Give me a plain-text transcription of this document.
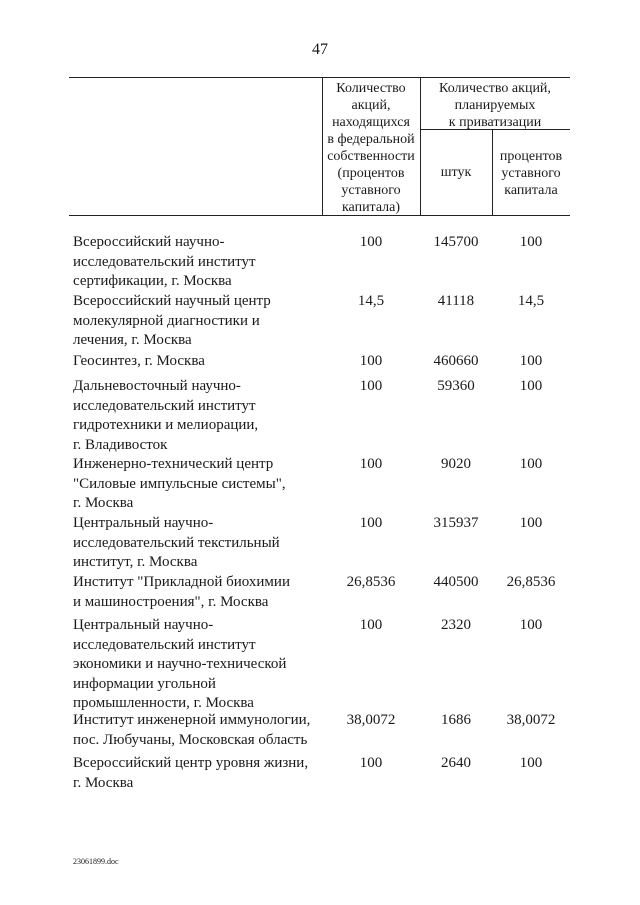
47
Количество
акций,
находящихся
в федеральной
собственности
(процентов
уставного
капитала)
Количество акций,
планируемых
к приватизации
штук
процентов
уставного
капитала
Всероссийский научно-
исследовательский институт
сертификации, г. Москва
100	145700	100
Всероссийский научный центр
молекулярной диагностики и
лечения, г. Москва
14,5	41118	14,5
Геосинтез, г. Москва	100	460660	100
Дальневосточный научно-
исследовательский институт
гидротехники и мелиорации,
г. Владивосток
100	59360	100
Инженерно-технический центр
"Силовые импульсные системы",
г. Москва
100	9020	100
Центральный научно-
исследовательский текстильный
институт, г. Москва
100	315937	100
Институт "Прикладной биохимии
и машиностроения", г. Москва
26,8536	440500	26,8536
Центральный научно-
исследовательский институт
экономики и научно-технической
информации угольной
промышленности, г. Москва
100	2320	100
Институт инженерной иммунологии,
пос. Любучаны, Московская область
38,0072	1686	38,0072
Всероссийский центр уровня жизни,
г. Москва
100	2640	100
23061899.doc
